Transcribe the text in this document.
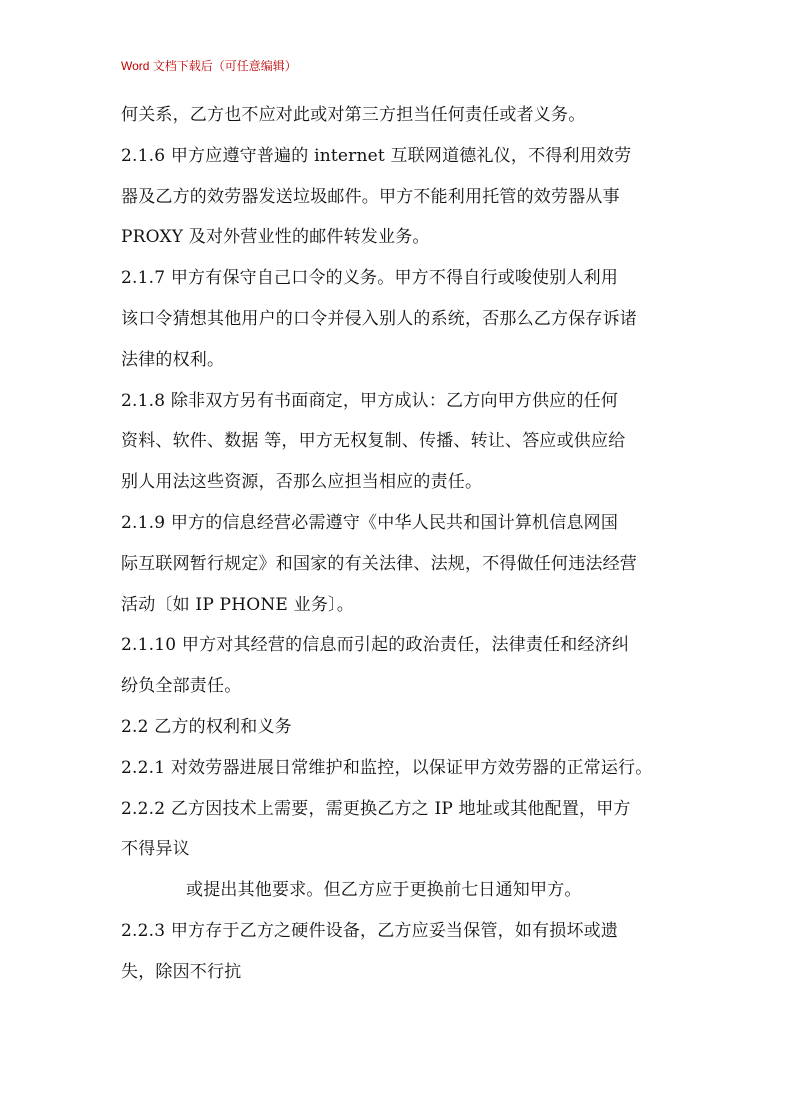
Word 文档下载后（可任意编辑）
何关系，乙方也不应对此或对第三方担当任何责任或者义务。
2.1.6 甲方应遵守普遍的 internet 互联网道德礼仪，不得利用效劳
器及乙方的效劳器发送垃圾邮件。甲方不能利用托管的效劳器从事
PROXY 及对外营业性的邮件转发业务。
2.1.7 甲方有保守自己口令的义务。甲方不得自行或唆使别人利用
该口令猜想其他用户的口令并侵入别人的系统，否那么乙方保存诉诸
法律的权利。
2.1.8 除非双方另有书面商定，甲方成认：乙方向甲方供应的任何
资料、软件、数据 等，甲方无权复制、传播、转让、答应或供应给
别人用法这些资源，否那么应担当相应的责任。
2.1.9 甲方的信息经营必需遵守《中华人民共和国计算机信息网国
际互联网暂行规定》和国家的有关法律、法规，不得做任何违法经营
活动〔如 IP PHONE 业务〕。
2.1.10 甲方对其经营的信息而引起的政治责任，法律责任和经济纠
纷负全部责任。
2.2 乙方的权利和义务
2.2.1 对效劳器进展日常维护和监控，以保证甲方效劳器的正常运行。
2.2.2 乙方因技术上需要，需更换乙方之 IP 地址或其他配置，甲方
不得异议
或提出其他要求。但乙方应于更换前七日通知甲方。
2.2.3 甲方存于乙方之硬件设备，乙方应妥当保管，如有损坏或遗
失，除因不行抗
